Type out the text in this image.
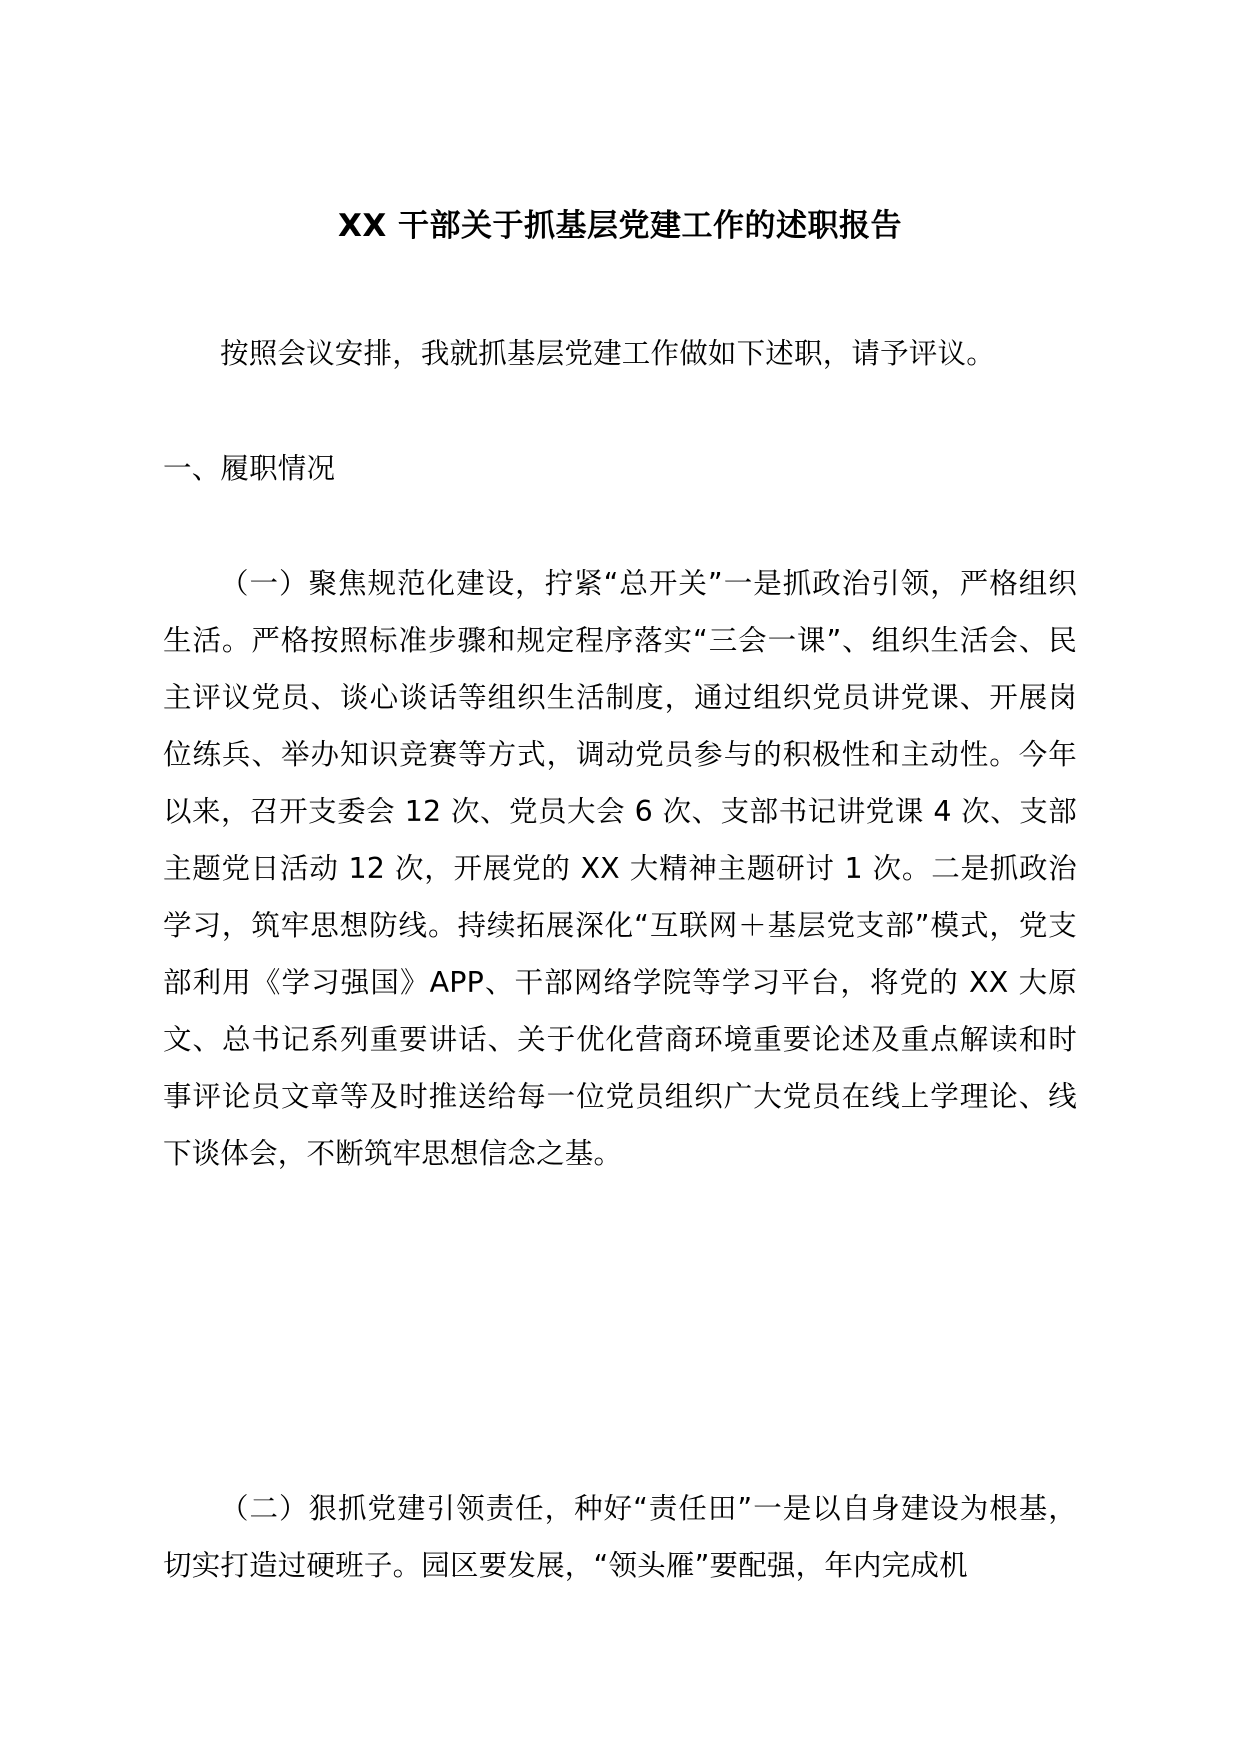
XX 干部关于抓基层党建工作的述职报告

按照会议安排，我就抓基层党建工作做如下述职，请予评议。

一、履职情况

（一）聚焦规范化建设，拧紧“总开关”一是抓政治引领，严格组织生活。严格按照标准步骤和规定程序落实“三会一课”、组织生活会、民主评议党员、谈心谈话等组织生活制度，通过组织党员讲党课、开展岗位练兵、举办知识竞赛等方式，调动党员参与的积极性和主动性。今年以来，召开支委会 12 次、党员大会 6 次、支部书记讲党课 4 次、支部主题党日活动 12 次，开展党的 XX 大精神主题研讨 1 次。二是抓政治学习，筑牢思想防线。持续拓展深化“互联网＋基层党支部”模式，党支部利用《学习强国》APP、干部网络学院等学习平台，将党的 XX 大原文、总书记系列重要讲话、关于优化营商环境重要论述及重点解读和时事评论员文章等及时推送给每一位党员组织广大党员在线上学理论、线下谈体会，不断筑牢思想信念之基。

（二）狠抓党建引领责任，种好“责任田”一是以自身建设为根基，切实打造过硬班子。园区要发展，“领头雁”要配强，年内完成机
